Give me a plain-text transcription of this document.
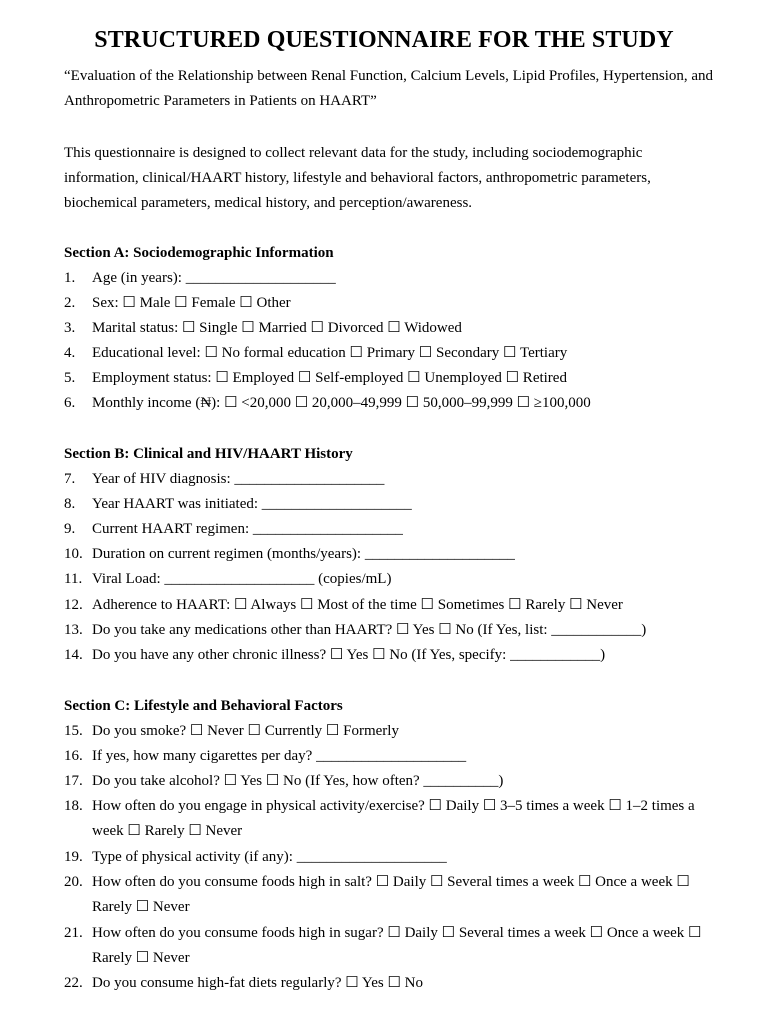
STRUCTURED QUESTIONNAIRE FOR THE STUDY

“Evaluation of the Relationship between Renal Function, Calcium Levels, Lipid Profiles, Hypertension, and Anthropometric Parameters in Patients on HAART”

This questionnaire is designed to collect relevant data for the study, including sociodemographic information, clinical/HAART history, lifestyle and behavioral factors, anthropometric parameters, biochemical parameters, medical history, and perception/awareness.

Section A: Sociodemographic Information

1. Age (in years): ____________________
2. Sex: ☐ Male ☐ Female ☐ Other
3. Marital status: ☐ Single ☐ Married ☐ Divorced ☐ Widowed
4. Educational level: ☐ No formal education ☐ Primary ☐ Secondary ☐ Tertiary
5. Employment status: ☐ Employed ☐ Self-employed ☐ Unemployed ☐ Retired
6. Monthly income (₦): ☐ <20,000 ☐ 20,000–49,999 ☐ 50,000–99,999 ☐ ≥100,000

Section B: Clinical and HIV/HAART History

7. Year of HIV diagnosis: ____________________
8. Year HAART was initiated: ____________________
9. Current HAART regimen: ____________________
10. Duration on current regimen (months/years): ____________________
11. Viral Load: ____________________ (copies/mL)
12. Adherence to HAART: ☐ Always ☐ Most of the time ☐ Sometimes ☐ Rarely ☐ Never
13. Do you take any medications other than HAART? ☐ Yes ☐ No (If Yes, list: ____________)
14. Do you have any other chronic illness? ☐ Yes ☐ No (If Yes, specify: ____________)

Section C: Lifestyle and Behavioral Factors

15. Do you smoke? ☐ Never ☐ Currently ☐ Formerly
16. If yes, how many cigarettes per day? ____________________
17. Do you take alcohol? ☐ Yes ☐ No (If Yes, how often? __________)
18. How often do you engage in physical activity/exercise? ☐ Daily ☐ 3–5 times a week ☐ 1–2 times a week ☐ Rarely ☐ Never
19. Type of physical activity (if any): ____________________
20. How often do you consume foods high in salt? ☐ Daily ☐ Several times a week ☐ Once a week ☐ Rarely ☐ Never
21. How often do you consume foods high in sugar? ☐ Daily ☐ Several times a week ☐ Once a week ☐ Rarely ☐ Never
22. Do you consume high-fat diets regularly? ☐ Yes ☐ No
